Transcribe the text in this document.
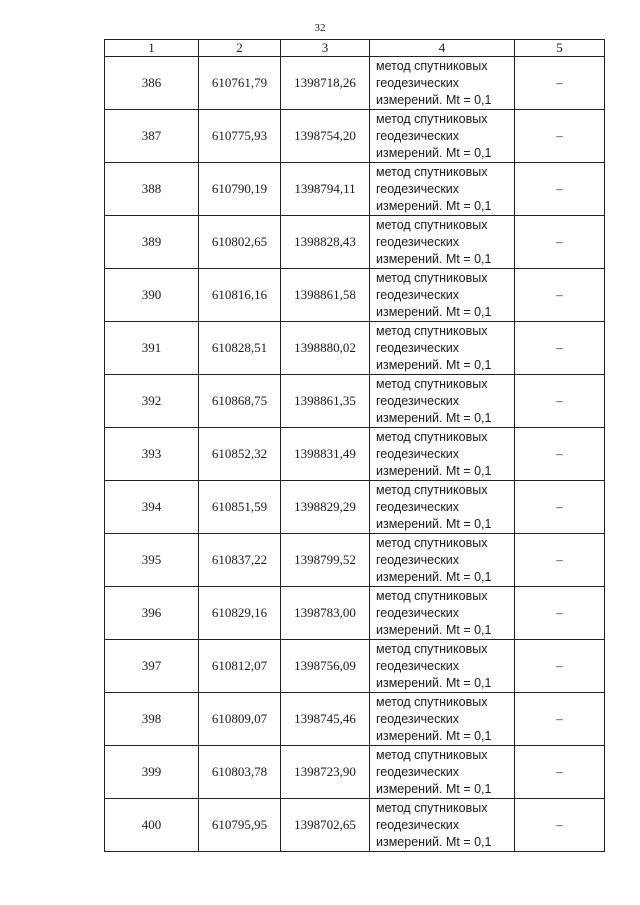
32
1	2	3	4	5
386	610761,79	1398718,26	метод спутниковых
геодезических
измерений. Mt = 0,1	–
387	610775,93	1398754,20	метод спутниковых
геодезических
измерений. Mt = 0,1	–
388	610790,19	1398794,11	метод спутниковых
геодезических
измерений. Mt = 0,1	–
389	610802,65	1398828,43	метод спутниковых
геодезических
измерений. Mt = 0,1	–
390	610816,16	1398861,58	метод спутниковых
геодезических
измерений. Mt = 0,1	–
391	610828,51	1398880,02	метод спутниковых
геодезических
измерений. Mt = 0,1	–
392	610868,75	1398861,35	метод спутниковых
геодезических
измерений. Mt = 0,1	–
393	610852,32	1398831,49	метод спутниковых
геодезических
измерений. Mt = 0,1	–
394	610851,59	1398829,29	метод спутниковых
геодезических
измерений. Mt = 0,1	–
395	610837,22	1398799,52	метод спутниковых
геодезических
измерений. Mt = 0,1	–
396	610829,16	1398783,00	метод спутниковых
геодезических
измерений. Mt = 0,1	–
397	610812,07	1398756,09	метод спутниковых
геодезических
измерений. Mt = 0,1	–
398	610809,07	1398745,46	метод спутниковых
геодезических
измерений. Mt = 0,1	–
399	610803,78	1398723,90	метод спутниковых
геодезических
измерений. Mt = 0,1	–
400	610795,95	1398702,65	метод спутниковых
геодезических
измерений. Mt = 0,1	–
